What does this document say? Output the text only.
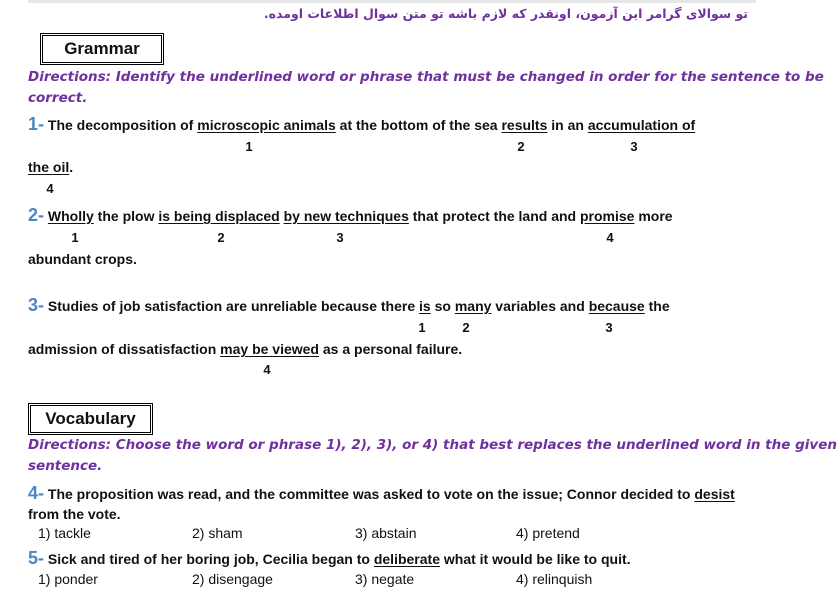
تو سوالای گرامر این آزمون، اونقدر که لازم باشه تو متن سوال اطلاعات اومده.
Grammar
Directions: Identify the underlined word or phrase that must be changed in order for the sentence to be
correct.
1- The decomposition of microscopic animals at the bottom of the sea results in an accumulation of
1	2	3
the oil.
4
2- Wholly the plow is being displaced by new techniques that protect the land and promise more
1	2	3	4
abundant crops.
3- Studies of job satisfaction are unreliable because there is so many variables and because the
1	2	3
admission of dissatisfaction may be viewed as a personal failure.
4
Vocabulary
Directions: Choose the word or phrase 1), 2), 3), or 4) that best replaces the underlined word in the given
sentence.
4- The proposition was read, and the committee was asked to vote on the issue; Connor decided to desist
from the vote.
1) tackle	2) sham	3) abstain	4) pretend
5- Sick and tired of her boring job, Cecilia began to deliberate what it would be like to quit.
1) ponder	2) disengage	3) negate	4) relinquish
